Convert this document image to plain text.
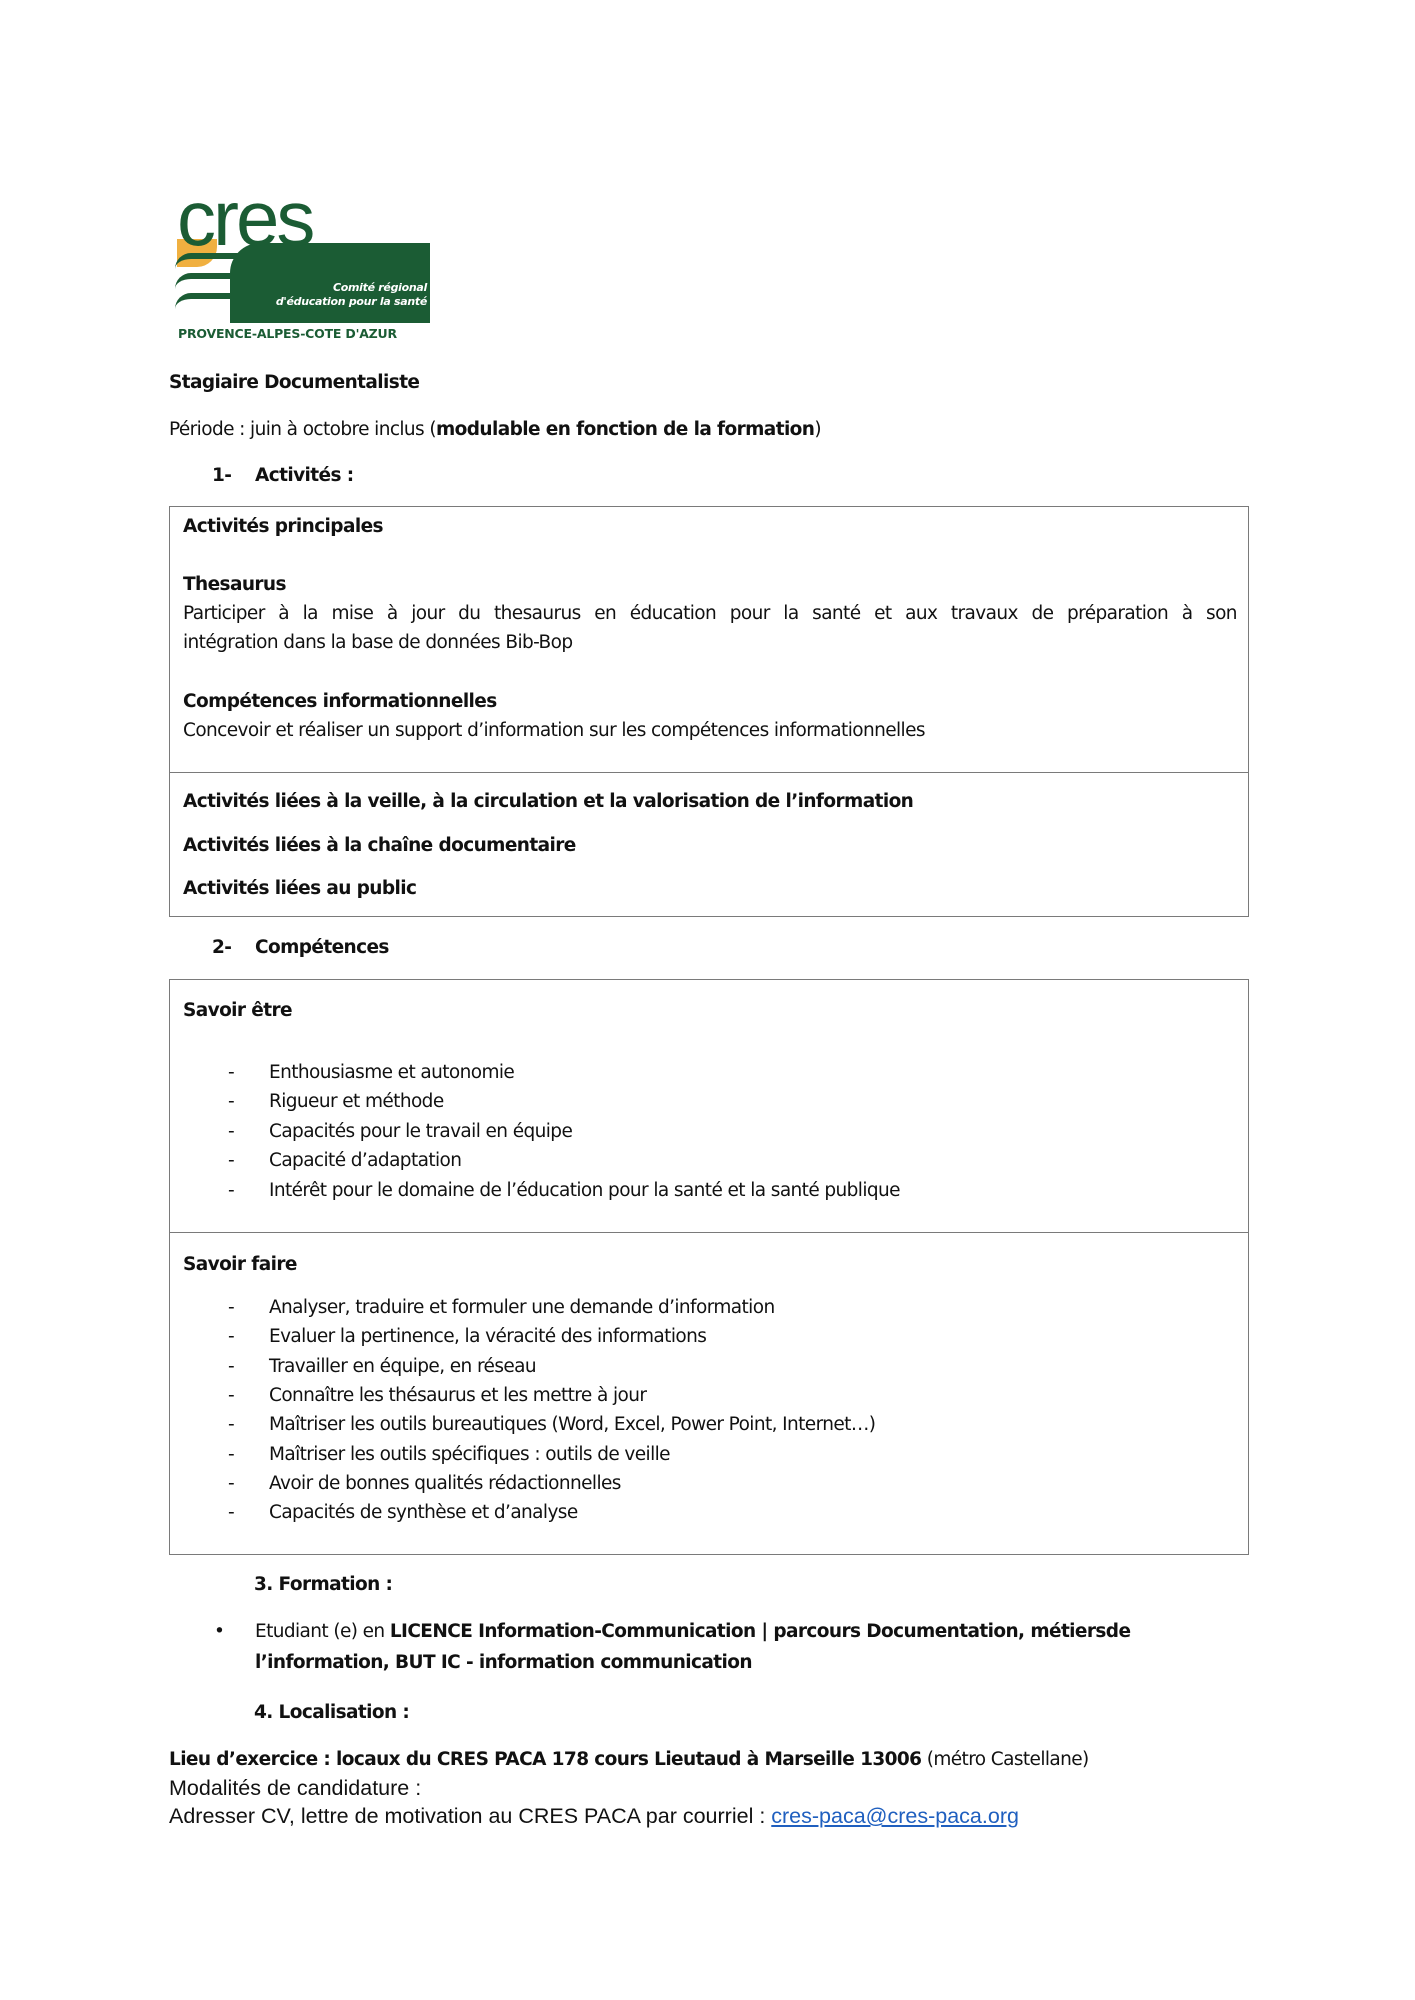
cres
Comité régional
d'éducation pour la santé
PROVENCE-ALPES-COTE D'AZUR
Stagiaire Documentaliste
Période : juin à octobre inclus (modulable en fonction de la formation)
1- Activités :
Activités principales
Thesaurus
Participer à la mise à jour du thesaurus en éducation pour la santé et aux travaux de préparation à son
intégration dans la base de données Bib-Bop
Compétences informationnelles
Concevoir et réaliser un support d’information sur les compétences informationnelles
Activités liées à la veille, à la circulation et la valorisation de l’information
Activités liées à la chaîne documentaire
Activités liées au public
2- Compétences
Savoir être
- Enthousiasme et autonomie
- Rigueur et méthode
- Capacités pour le travail en équipe
- Capacité d’adaptation
- Intérêt pour le domaine de l’éducation pour la santé et la santé publique
Savoir faire
- Analyser, traduire et formuler une demande d’information
- Evaluer la pertinence, la véracité des informations
- Travailler en équipe, en réseau
- Connaître les thésaurus et les mettre à jour
- Maîtriser les outils bureautiques (Word, Excel, Power Point, Internet…)
- Maîtriser les outils spécifiques : outils de veille
- Avoir de bonnes qualités rédactionnelles
- Capacités de synthèse et d’analyse
3. Formation :
• Etudiant (e) en LICENCE Information-Communication | parcours Documentation, métiersde
l’information, BUT IC - information communication
4. Localisation :
Lieu d’exercice : locaux du CRES PACA 178 cours Lieutaud à Marseille 13006 (métro Castellane)
Modalités de candidature :
Adresser CV, lettre de motivation au CRES PACA par courriel : cres-paca@cres-paca.org
